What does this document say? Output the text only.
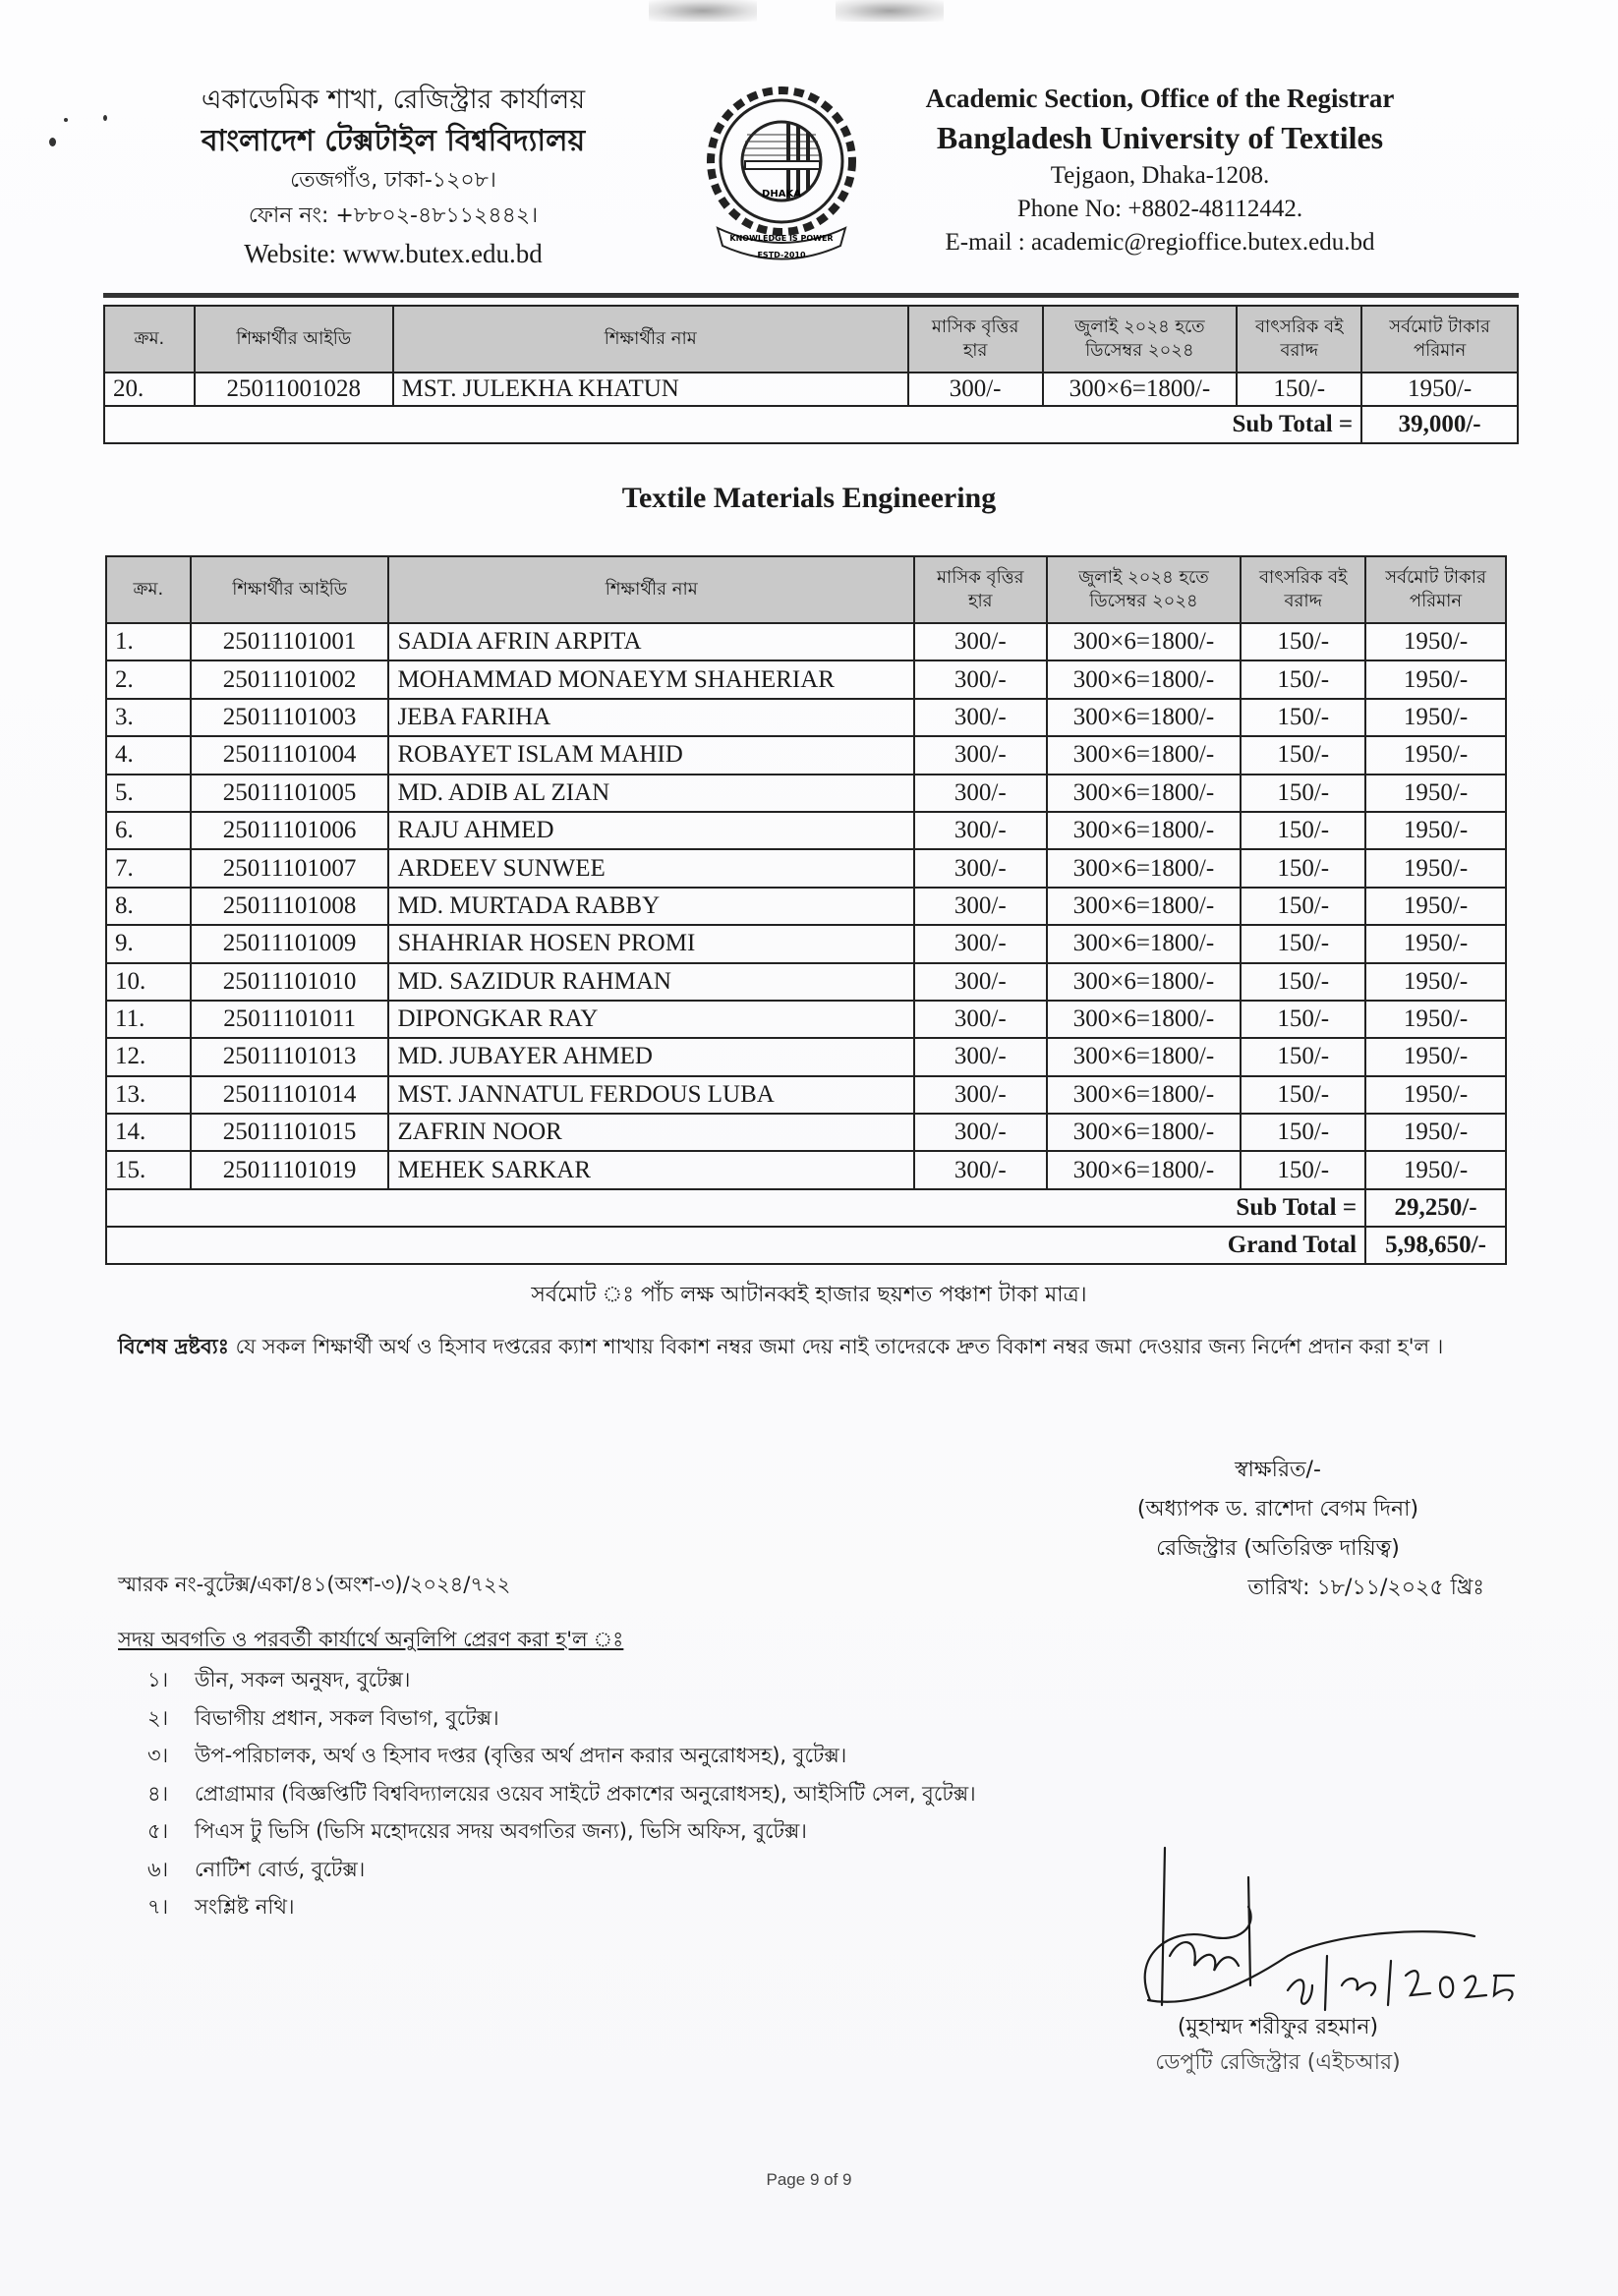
একাডেমিক শাখা, রেজিস্ট্রার কার্যালয়
বাংলাদেশ টেক্সটাইল বিশ্ববিদ্যালয়
তেজগাঁও, ঢাকা-১২০৮।
ফোন নং: +৮৮০২-৪৮১১২৪৪২।
Website: www.butex.edu.bd
DHAKA
KNOWLEDGE IS POWER
ESTD-2010
Academic Section, Office of the Registrar
Bangladesh University of Textiles
Tejgaon, Dhaka-1208.
Phone No: +8802-48112442.
E-mail : academic@regioffice.butex.edu.bd
ক্রম.	শিক্ষার্থীর আইডি	শিক্ষার্থীর নাম	মাসিক বৃত্তির হার	জুলাই ২০২৪ হতে ডিসেম্বর ২০২৪	বাৎসরিক বই বরাদ্দ	সর্বমোট টাকার পরিমান
20.	25011001028	MST. JULEKHA KHATUN	300/-	300×6=1800/-	150/-	1950/-
Sub Total =						39,000/-
Textile Materials Engineering
ক্রম.	শিক্ষার্থীর আইডি	শিক্ষার্থীর নাম	মাসিক বৃত্তির হার	জুলাই ২০২৪ হতে ডিসেম্বর ২০২৪	বাৎসরিক বই বরাদ্দ	সর্বমোট টাকার পরিমান
1.	25011101001	SADIA AFRIN ARPITA	300/-	300×6=1800/-	150/-	1950/-
2.	25011101002	MOHAMMAD MONAEYM SHAHERIAR	300/-	300×6=1800/-	150/-	1950/-
3.	25011101003	JEBA FARIHA	300/-	300×6=1800/-	150/-	1950/-
4.	25011101004	ROBAYET ISLAM MAHID	300/-	300×6=1800/-	150/-	1950/-
5.	25011101005	MD. ADIB AL ZIAN	300/-	300×6=1800/-	150/-	1950/-
6.	25011101006	RAJU AHMED	300/-	300×6=1800/-	150/-	1950/-
7.	25011101007	ARDEEV SUNWEE	300/-	300×6=1800/-	150/-	1950/-
8.	25011101008	MD. MURTADA RABBY	300/-	300×6=1800/-	150/-	1950/-
9.	25011101009	SHAHRIAR HOSEN PROMI	300/-	300×6=1800/-	150/-	1950/-
10.	25011101010	MD. SAZIDUR RAHMAN	300/-	300×6=1800/-	150/-	1950/-
11.	25011101011	DIPONGKAR RAY	300/-	300×6=1800/-	150/-	1950/-
12.	25011101013	MD. JUBAYER AHMED	300/-	300×6=1800/-	150/-	1950/-
13.	25011101014	MST. JANNATUL FERDOUS LUBA	300/-	300×6=1800/-	150/-	1950/-
14.	25011101015	ZAFRIN NOOR	300/-	300×6=1800/-	150/-	1950/-
15.	25011101019	MEHEK SARKAR	300/-	300×6=1800/-	150/-	1950/-
Sub Total =						29,250/-
Grand Total						5,98,650/-
সর্বমোট ঃ পাঁচ লক্ষ আটানব্বই হাজার ছয়শত পঞ্চাশ টাকা মাত্র।
বিশেষ দ্রষ্টব্যঃ যে সকল শিক্ষার্থী অর্থ ও হিসাব দপ্তরের ক্যাশ শাখায় বিকাশ নম্বর জমা দেয় নাই তাদেরকে দ্রুত বিকাশ নম্বর জমা দেওয়ার জন্য নির্দেশ প্রদান করা হ'ল ।
স্বাক্ষরিত/-
(অধ্যাপক ড. রাশেদা বেগম দিনা)
রেজিস্ট্রার (অতিরিক্ত দায়িত্ব)
তারিখ: ১৮/১১/২০২৫ খ্রিঃ
স্মারক নং-বুটেক্স/একা/৪১(অংশ-৩)/২০২৪/৭২২
সদয় অবগতি ও পরবর্তী কার্যার্থে অনুলিপি প্রেরণ করা হ'ল ঃ
১। ডীন, সকল অনুষদ, বুটেক্স।
২। বিভাগীয় প্রধান, সকল বিভাগ, বুটেক্স।
৩। উপ-পরিচালক, অর্থ ও হিসাব দপ্তর (বৃত্তির অর্থ প্রদান করার অনুরোধসহ), বুটেক্স।
৪। প্রোগ্রামার (বিজ্ঞপ্তিটি বিশ্ববিদ্যালয়ের ওয়েব সাইটে প্রকাশের অনুরোধসহ), আইসিটি সেল, বুটেক্স।
৫। পিএস টু ভিসি (ভিসি মহোদয়ের সদয় অবগতির জন্য), ভিসি অফিস, বুটেক্স।
৬। নোটিশ বোর্ড, বুটেক্স।
৭। সংশ্লিষ্ট নথি।
(মুহাম্মদ শরীফুর রহমান)
ডেপুটি রেজিস্ট্রার (এইচআর)
Page 9 of 9
